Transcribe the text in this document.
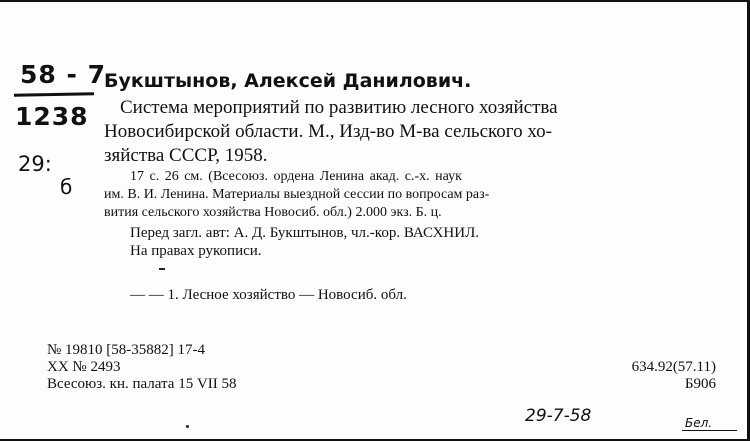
58 - 7
1238
29:
б
Букштынов, Алексей Данилович.
Система мероприятий по развитию лесного хозяйства
Новосибирской области. М., Изд-во М-ва сельского хо-
зяйства СССР, 1958.
17 с. 26 см. (Всесоюз. ордена Ленина акад. с.-х. наук
им. В. И. Ленина. Материалы выездной сессии по вопросам раз-
вития сельского хозяйства Новосиб. обл.) 2.000 экз. Б. ц.
Перед загл. авт: А. Д. Букштынов, чл.-кор. ВАСХНИЛ.
На правах рукописи.
— — 1. Лесное хозяйство — Новосиб. обл.
№ 19810 [58-35882] 17-4
XX № 2493
Всесоюз. кн. палата 15 VII 58
634.92(57.11)
Б906
29-7-58	Бел.
